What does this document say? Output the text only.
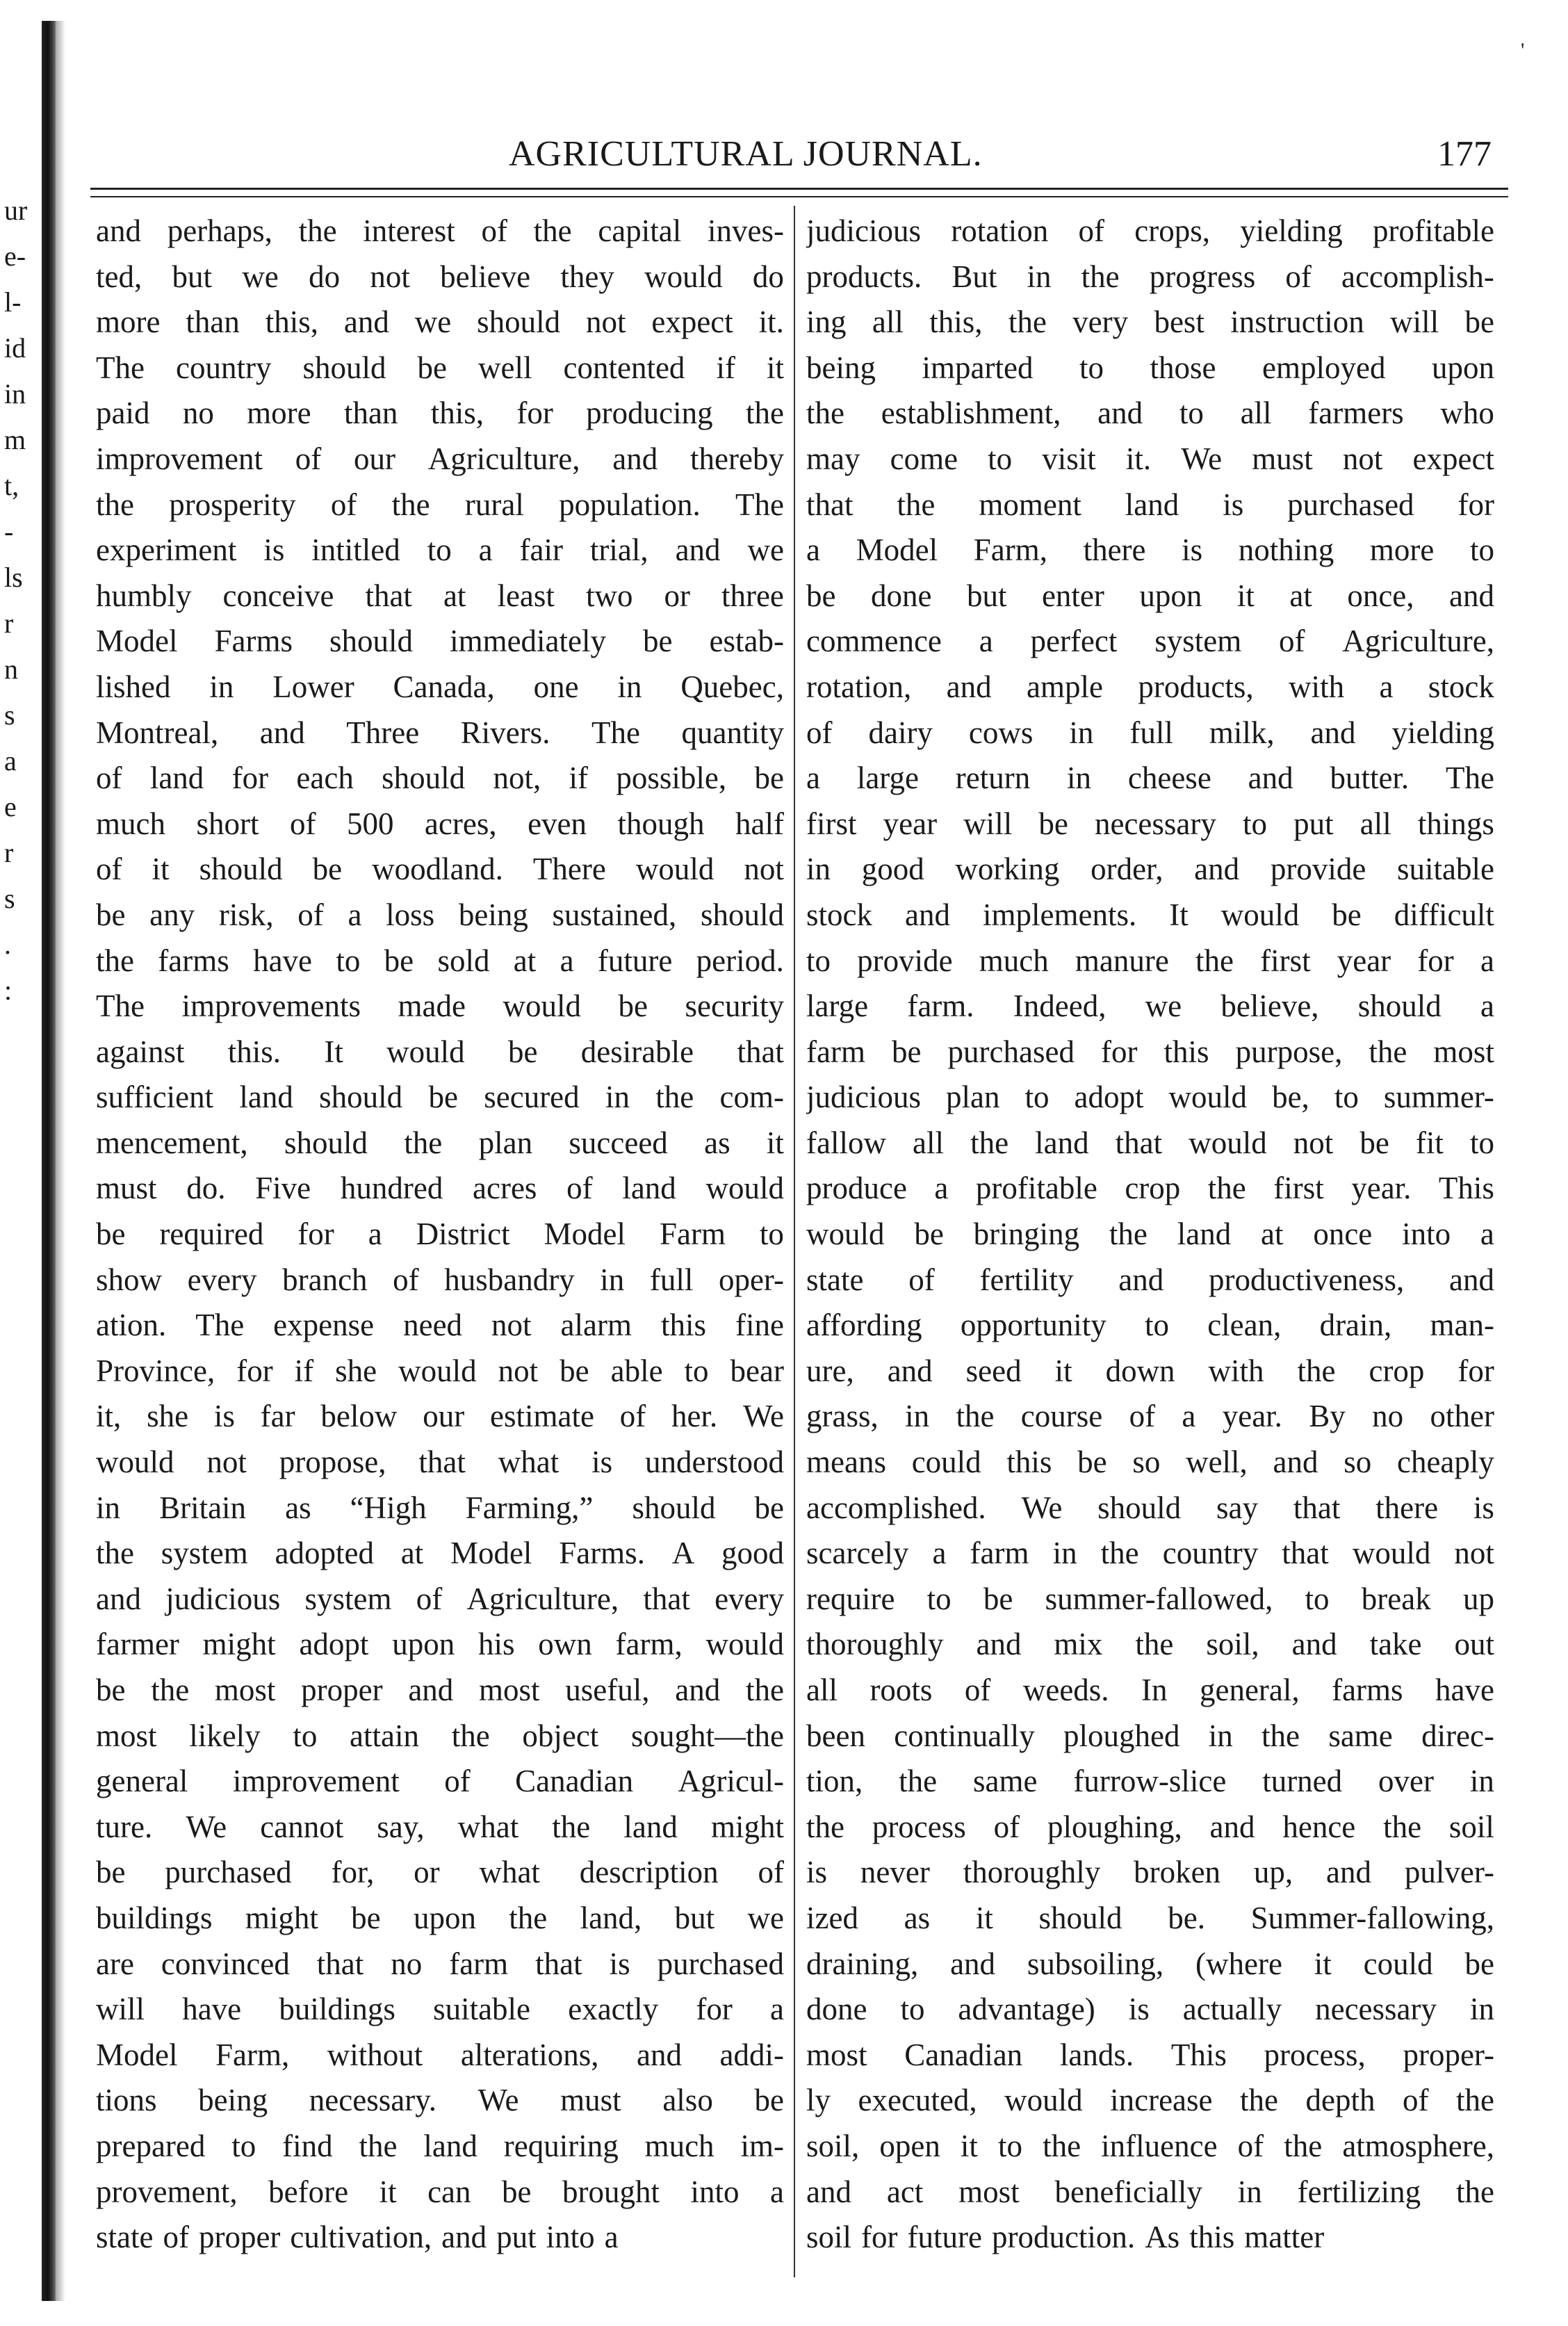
ur
e-
l-
id
in
m
t,
-
ls
r
n
s
a
e
r
s
.
:
'
AGRICULTURAL JOURNAL.	177
and perhaps, the interest of the capital inves-
ted, but we do not believe they would do
more than this, and we should not expect it.
The country should be well contented if it
paid no more than this, for producing the
improvement of our Agriculture, and thereby
the prosperity of the rural population. The
experiment is intitled to a fair trial, and we
humbly conceive that at least two or three
Model Farms should immediately be estab-
lished in Lower Canada, one in Quebec,
Montreal, and Three Rivers. The quantity
of land for each should not, if possible, be
much short of 500 acres, even though half
of it should be woodland. There would not
be any risk, of a loss being sustained, should
the farms have to be sold at a future period.
The improvements made would be security
against this. It would be desirable that
sufficient land should be secured in the com-
mencement, should the plan succeed as it
must do. Five hundred acres of land would
be required for a District Model Farm to
show every branch of husbandry in full oper-
ation. The expense need not alarm this fine
Province, for if she would not be able to bear
it, she is far below our estimate of her. We
would not propose, that what is understood
in Britain as “High Farming,” should be
the system adopted at Model Farms. A good
and judicious system of Agriculture, that every
farmer might adopt upon his own farm, would
be the most proper and most useful, and the
most likely to attain the object sought—the
general improvement of Canadian Agricul-
ture. We cannot say, what the land might
be purchased for, or what description of
buildings might be upon the land, but we
are convinced that no farm that is purchased
will have buildings suitable exactly for a
Model Farm, without alterations, and addi-
tions being necessary. We must also be
prepared to find the land requiring much im-
provement, before it can be brought into a
state of proper cultivation, and put into a
judicious rotation of crops, yielding profitable
products. But in the progress of accomplish-
ing all this, the very best instruction will be
being imparted to those employed upon
the establishment, and to all farmers who
may come to visit it. We must not expect
that the moment land is purchased for
a Model Farm, there is nothing more to
be done but enter upon it at once, and
commence a perfect system of Agriculture,
rotation, and ample products, with a stock
of dairy cows in full milk, and yielding
a large return in cheese and butter. The
first year will be necessary to put all things
in good working order, and provide suitable
stock and implements. It would be difficult
to provide much manure the first year for a
large farm. Indeed, we believe, should a
farm be purchased for this purpose, the most
judicious plan to adopt would be, to summer-
fallow all the land that would not be fit to
produce a profitable crop the first year. This
would be bringing the land at once into a
state of fertility and productiveness, and
affording opportunity to clean, drain, man-
ure, and seed it down with the crop for
grass, in the course of a year. By no other
means could this be so well, and so cheaply
accomplished. We should say that there is
scarcely a farm in the country that would not
require to be summer-fallowed, to break up
thoroughly and mix the soil, and take out
all roots of weeds. In general, farms have
been continually ploughed in the same direc-
tion, the same furrow-slice turned over in
the process of ploughing, and hence the soil
is never thoroughly broken up, and pulver-
ized as it should be. Summer-fallowing,
draining, and subsoiling, (where it could be
done to advantage) is actually necessary in
most Canadian lands. This process, proper-
ly executed, would increase the depth of the
soil, open it to the influence of the atmosphere,
and act most beneficially in fertilizing the
soil for future production. As this matter
